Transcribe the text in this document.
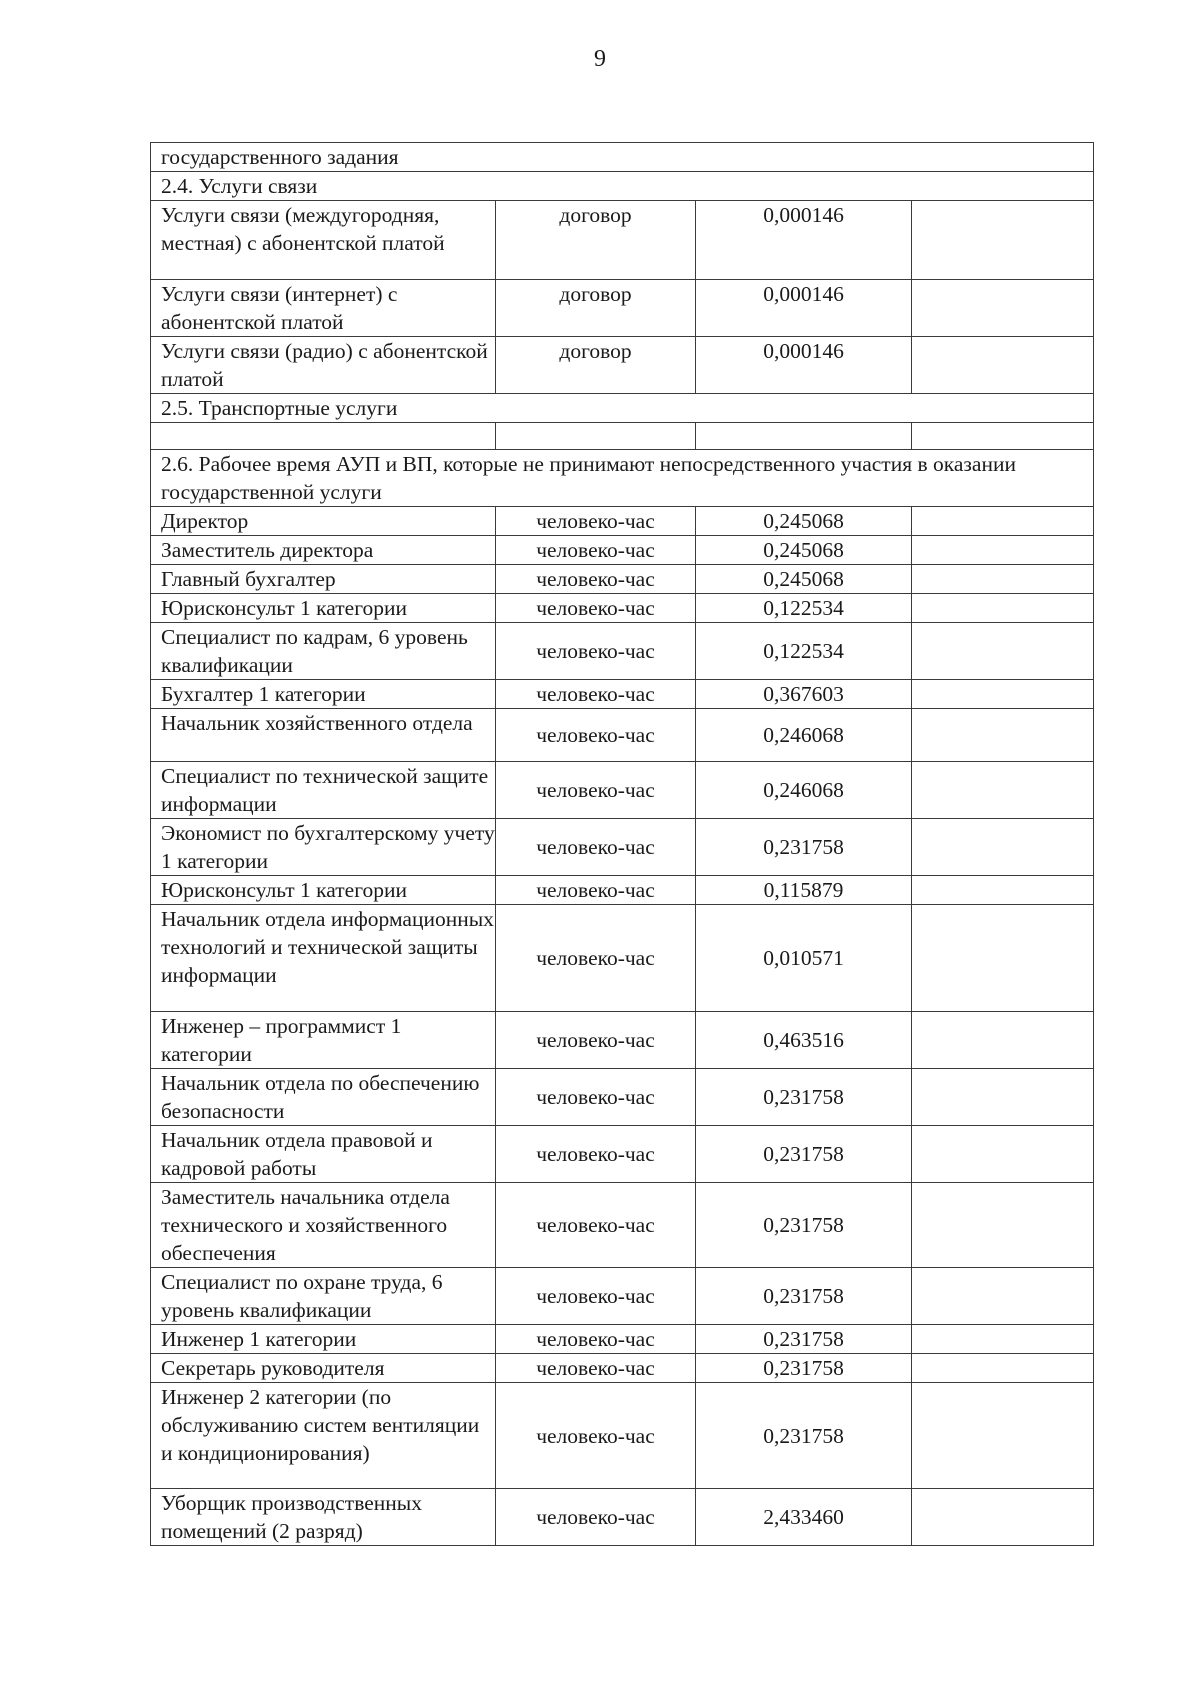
9
государственного задания			
2.4. Услуги связи			
Услуги связи (междугородняя, местная) с абонентской платой	договор	0,000146	
Услуги связи (интернет) с абонентской платой	договор	0,000146	
Услуги связи (радио) с абонентской платой	договор	0,000146	
2.5. Транспортные услуги			

2.6. Рабочее время АУП и ВП, которые не принимают непосредственного участия в оказании государственной услуги			
Директор	человеко-час	0,245068	
Заместитель директора	человеко-час	0,245068	
Главный бухгалтер	человеко-час	0,245068	
Юрисконсульт 1 категории	человеко-час	0,122534	
Специалист по кадрам, 6 уровень квалификации	человеко-час	0,122534	
Бухгалтер 1 категории	человеко-час	0,367603	
Начальник хозяйственного отдела	человеко-час	0,246068	
Специалист по технической защите информации	человеко-час	0,246068	
Экономист по бухгалтерскому учету 1 категории	человеко-час	0,231758	
Юрисконсульт 1 категории	человеко-час	0,115879	
Начальник отдела информационных технологий и технической защиты информации	человеко-час	0,010571	
Инженер – программист 1 категории	человеко-час	0,463516	
Начальник отдела по обеспечению безопасности	человеко-час	0,231758	
Начальник отдела правовой и кадровой работы	человеко-час	0,231758	
Заместитель начальника отдела технического и хозяйственного обеспечения	человеко-час	0,231758	
Специалист по охране труда, 6 уровень квалификации	человеко-час	0,231758	
Инженер 1 категории	человеко-час	0,231758	
Секретарь руководителя	человеко-час	0,231758	
Инженер 2 категории (по обслуживанию систем вентиляции и кондиционирования)	человеко-час	0,231758	
Уборщик производственных помещений (2 разряд)	человеко-час	2,433460	
